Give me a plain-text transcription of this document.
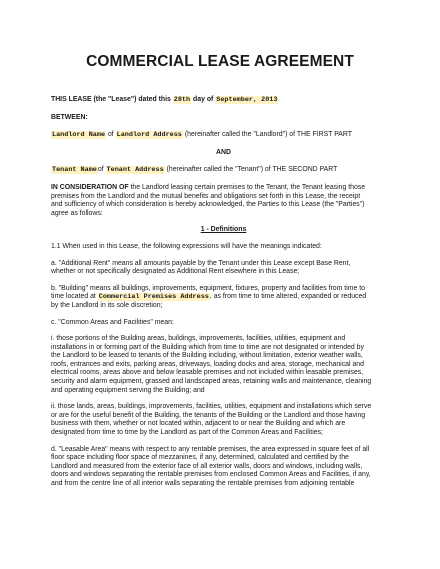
COMMERCIAL LEASE AGREEMENT

THIS LEASE (the "Lease") dated this 28th day of September, 2013

BETWEEN:

Landlord Name of Landlord Address (hereinafter called the "Landlord") of THE FIRST PART

AND

Tenant Nameof Tenant Address (hereinafter called the "Tenant") of THE SECOND PART

IN CONSIDERATION OF the Landlord leasing certain premises to the Tenant, the Tenant leasing those
premises from the Landlord and the mutual benefits and obligations set forth in this Lease, the receipt
and sufficiency of which consideration is hereby acknowledged, the Parties to this Lease (the "Parties")
agree as follows:

1 - Definitions

1.1 When used in this Lease, the following expressions will have the meanings indicated:

a. "Additional Rent" means all amounts payable by the Tenant under this Lease except Base Rent,
whether or not specifically designated as Additional Rent elsewhere in this Lease;

b. "Building" means all buildings, improvements, equipment, fixtures, property and facilities from time to
time located at Commercial Premises Address, as from time to time altered, expanded or reduced
by the Landlord in its sole discretion;

c. "Common Areas and Facilities" mean:

i. those portions of the Building areas, buildings, improvements, facilities, utilities, equipment and
installations in or forming part of the Building which from time to time are not designated or intended by
the Landlord to be leased to tenants of the Building including, without limitation, exterior weather walls,
roofs, entrances and exits, parking areas, driveways, loading docks and area, storage, mechanical and
electrical rooms, areas above and below leasable premises and not included within leasable premises,
security and alarm equipment, grassed and landscaped areas, retaining walls and maintenance, cleaning
and operating equipment serving the Building; and

ii. those lands, areas, buildings, improvements, facilities, utilities, equipment and installations which serve
or are for the useful benefit of the Building, the tenants of the Building or the Landlord and those having
business with them, whether or not located within, adjacent to or near the Building and which are
designated from time to time by the Landlord as part of the Common Areas and Facilities;

d. "Leasable Area" means with respect to any rentable premises, the area expressed in square feet of all
floor space including floor space of mezzanines, if any, determined, calculated and certified by the
Landlord and measured from the exterior face of all exterior walls, doors and windows, including walls,
doors and windows separating the rentable premises from enclosed Common Areas and Facilities, if any,
and from the centre line of all interior walls separating the rentable premises from adjoining rentable
